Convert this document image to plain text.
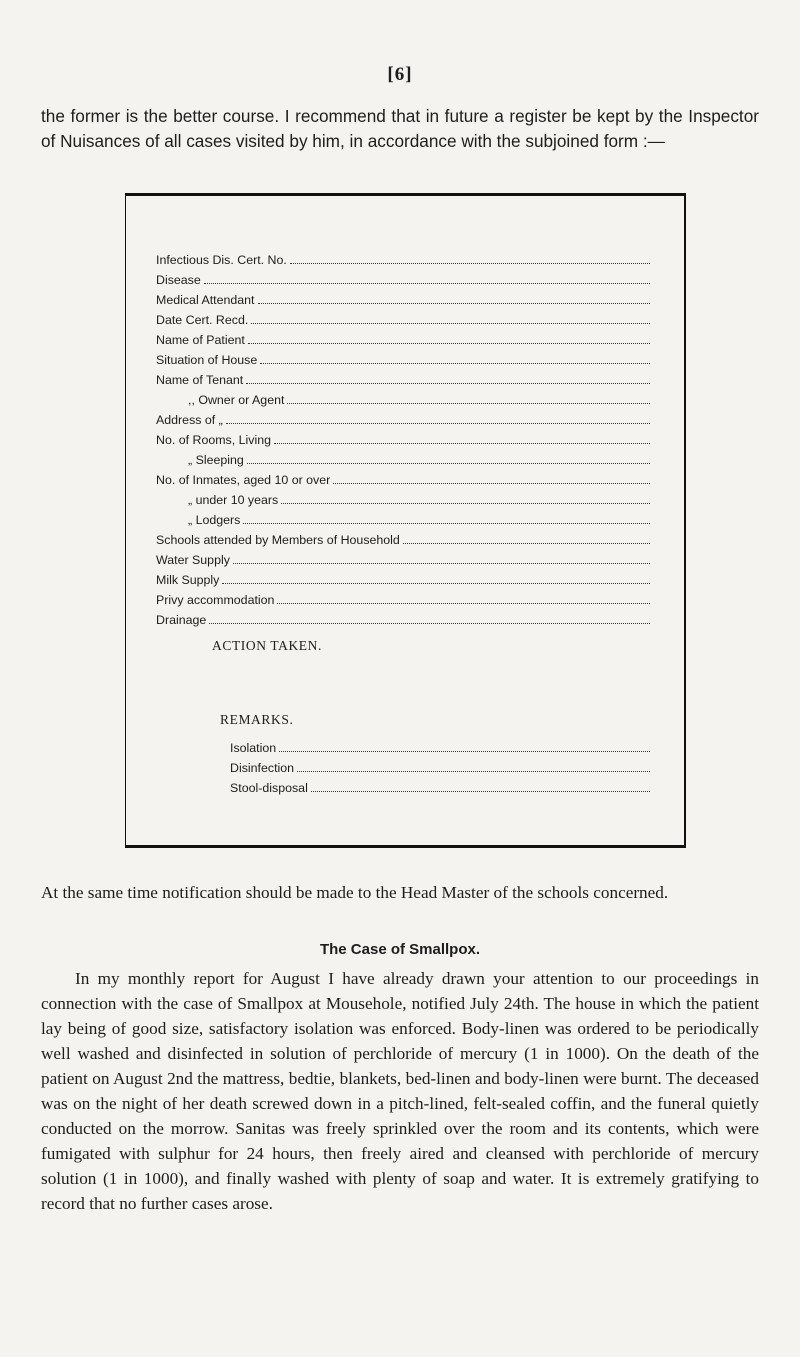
[6]
the former is the better course. I recommend that in future a register be kept by the Inspector of Nuisances of all cases visited by him, in accordance with the subjoined form :—
Infectious Dis. Cert. No.
Disease
Medical Attendant
Date Cert. Recd.
Name of Patient
Situation of House
Name of Tenant
,, Owner or Agent
Address of „
No. of Rooms, Living
„ Sleeping
No. of Inmates, aged 10 or over
„ under 10 years
„ Lodgers
Schools attended by Members of Household
Water Supply
Milk Supply
Privy accommodation
Drainage
ACTION TAKEN.
REMARKS.
Isolation
Disinfection
Stool-disposal
At the same time notification should be made to the Head Master of the schools concerned.
The Case of Smallpox.
In my monthly report for August I have already drawn your attention to our proceedings in connection with the case of Smallpox at Mousehole, notified July 24th. The house in which the patient lay being of good size, satisfactory isolation was enforced. Body-linen was ordered to be periodically well washed and disinfected in solution of perchloride of mercury (1 in 1000). On the death of the patient on August 2nd the mattress, bedtie, blankets, bed-linen and body-linen were burnt. The deceased was on the night of her death screwed down in a pitch-lined, felt-sealed coffin, and the funeral quietly conducted on the morrow. Sanitas was freely sprinkled over the room and its contents, which were fumigated with sulphur for 24 hours, then freely aired and cleansed with perchloride of mercury solution (1 in 1000), and finally washed with plenty of soap and water. It is extremely gratifying to record that no further cases arose.
